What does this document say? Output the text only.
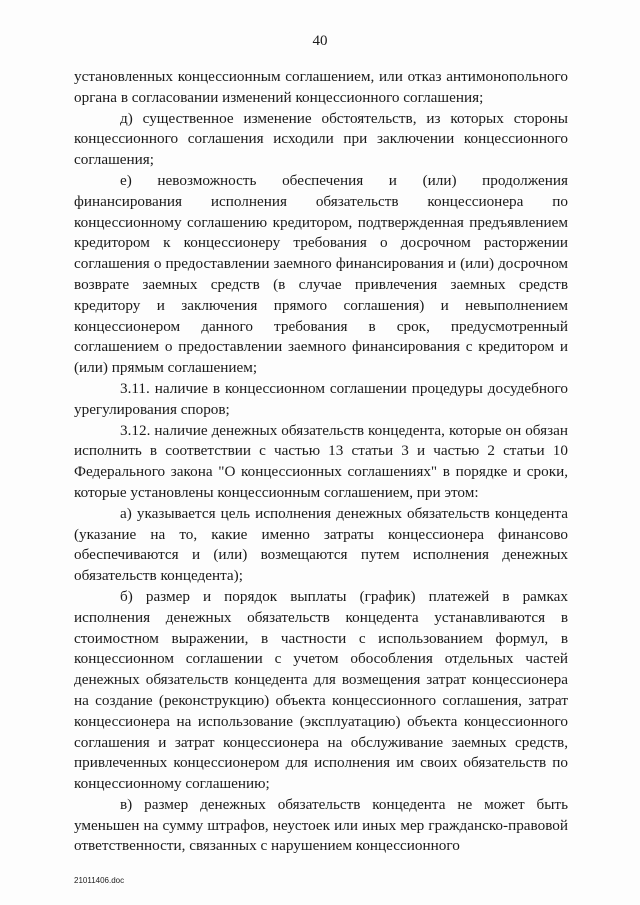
40

установленных концессионным соглашением, или отказ антимонопольного органа в согласовании изменений концессионного соглашения;

д) существенное изменение обстоятельств, из которых стороны концессионного соглашения исходили при заключении концессионного соглашения;

е) невозможность обеспечения и (или) продолжения финансирования исполнения обязательств концессионера по концессионному соглашению кредитором, подтвержденная предъявлением кредитором к концессионеру требования о досрочном расторжении соглашения о предоставлении заемного финансирования и (или) досрочном возврате заемных средств (в случае привлечения заемных средств кредитору и заключения прямого соглашения) и невыполнением концессионером данного требования в срок, предусмотренный соглашением о предоставлении заемного финансирования с кредитором и (или) прямым соглашением;

3.11. наличие в концессионном соглашении процедуры досудебного урегулирования споров;

3.12. наличие денежных обязательств концедента, которые он обязан исполнить в соответствии с частью 13 статьи 3 и частью 2 статьи 10 Федерального закона "О концессионных соглашениях" в порядке и сроки, которые установлены концессионным соглашением, при этом:

а) указывается цель исполнения денежных обязательств концедента (указание на то, какие именно затраты концессионера финансово обеспечиваются и (или) возмещаются путем исполнения денежных обязательств концедента);

б) размер и порядок выплаты (график) платежей в рамках исполнения денежных обязательств концедента устанавливаются в стоимостном выражении, в частности с использованием формул, в концессионном соглашении с учетом обособления отдельных частей денежных обязательств концедента для возмещения затрат концессионера на создание (реконструкцию) объекта концессионного соглашения, затрат концессионера на использование (эксплуатацию) объекта концессионного соглашения и затрат концессионера на обслуживание заемных средств, привлеченных концессионером для исполнения им своих обязательств по концессионному соглашению;

в) размер денежных обязательств концедента не может быть уменьшен на сумму штрафов, неустоек или иных мер гражданско-правовой ответственности, связанных с нарушением концессионного

21011406.doc
